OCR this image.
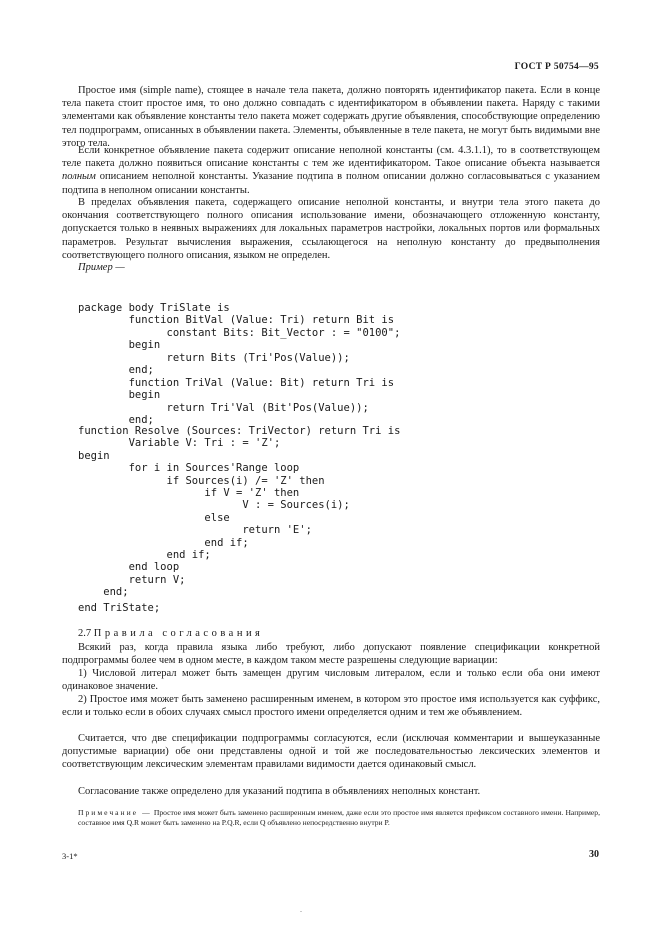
ГОСТ Р 50754—95

Простое имя (simple name), стоящее в начале тела пакета, должно повторять идентификатор пакета. Если в конце тела пакета стоит простое имя, то оно должно совпадать с идентификатором в объявлении пакета. Наряду с такими элементами как объявление константы тело пакета может содержать другие объявления, способствующие определению тел подпрограмм, описанных в объявлении пакета. Элементы, объявленные в теле пакета, не могут быть видимыми вне этого тела.

Если конкретное объявление пакета содержит описание неполной константы (см. 4.3.1.1), то в соответствующем теле пакета должно появиться описание константы с тем же идентификатором. Такое описание объекта называется полным описанием неполной константы. Указание подтипа в полном описании должно согласовываться с указанием подтипа в неполном описании константы.

В пределах объявления пакета, содержащего описание неполной константы, и внутри тела этого пакета до окончания соответствующего полного описания использование имени, обозначающего отложенную константу, допускается только в неявных выражениях для локальных параметров настройки, локальных портов или формальных параметров. Результат вычисления выражения, ссылающегося на неполную константу до предвыполнения соответствующего полного описания, языком не определен.

Пример —

package body TriSlate is
function BitVal (Value: Tri) return Bit is
constant Bits: Bit_Vector : = "0100";
begin
return Bits (Tri'Pos(Value));
end;
function TriVal (Value: Bit) return Tri is
begin
return Tri'Val (Bit'Pos(Value));
end;
function Resolve (Sources: TriVector) return Tri is
Variable V: Tri : = 'Z';
begin
for i in Sources'Range loop
if Sources(i) /= 'Z' then
if V = 'Z' then
V : = Sources(i);
else
return 'E';
end if;
end if;
end loop
return V;
end;
end TriState;
2.7 Правила согласования

Всякий раз, когда правила языка либо требуют, либо допускают появление спецификации конкретной подпрограммы более чем в одном месте, в каждом таком месте разрешены следующие вариации:

1) Числовой литерал может быть замещен другим числовым литералом, если и только если оба они имеют одинаковое значение.

2) Простое имя может быть заменено расширенным именем, в котором это простое имя используется как суффикс, если и только если в обоих случаях смысл простого имени определяется одним и тем же объявлением.

Считается, что две спецификации подпрограммы согласуются, если (исключая комментарии и вышеуказанные допустимые вариации) обе они представлены одной и той же последовательностью лексических элементов и соответствующим лексическим элементам правилами видимости дается одинаковый смысл.

Согласование также определено для указаний подтипа в объявлениях неполных констант.

Примечание — Простое имя может быть заменено расширенным именем, даже если это простое имя является префиксом составного имени. Например, составное имя Q.R может быть заменено на P.Q.R, если Q объявлено непосредственно внутри P.

3-1*	30
.
